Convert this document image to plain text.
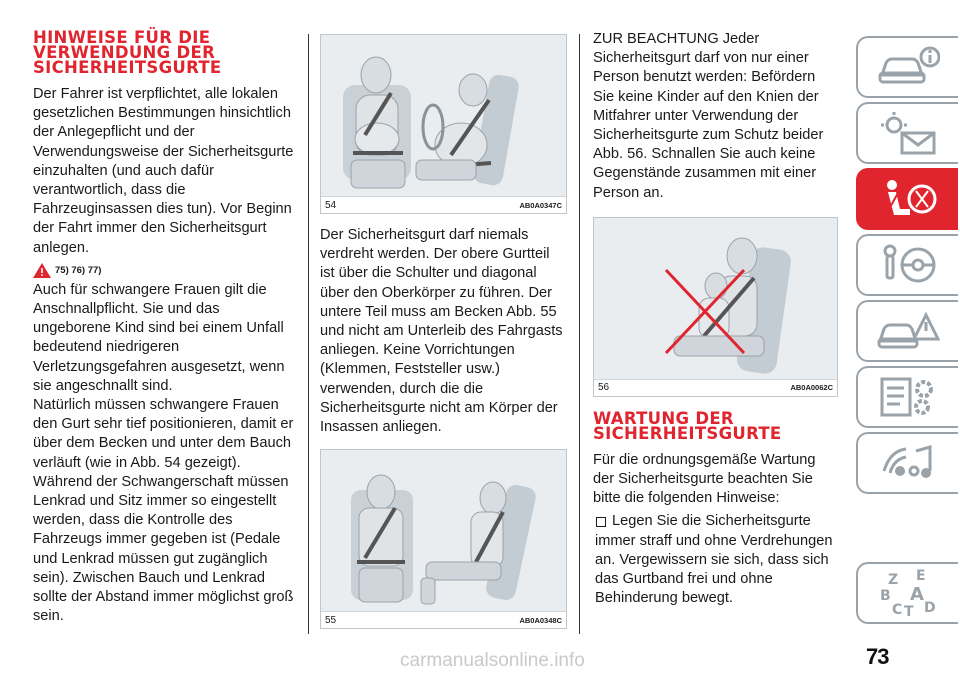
HINWEISE FÜR DIE
VERWENDUNG DER
SICHERHEITSGURTE

Der Fahrer ist verpflichtet, alle lokalen gesetzlichen Bestimmungen hinsichtlich der Anlegepflicht und der Verwendungsweise der Sicherheitsgurte einzuhalten (und auch dafür verantwortlich, dass die Fahrzeuginsassen dies tun). Vor Beginn der Fahrt immer den Sicherheitsgurt anlegen.

75) 76) 77)

Auch für schwangere Frauen gilt die Anschnallpflicht. Sie und das ungeborene Kind sind bei einem Unfall bedeutend niedrigeren Verletzungsgefahren ausgesetzt, wenn sie angeschnallt sind.

Natürlich müssen schwangere Frauen den Gurt sehr tief positionieren, damit er über dem Becken und unter dem Bauch verläuft (wie in Abb. 54 gezeigt). Während der Schwangerschaft müssen Lenkrad und Sitz immer so eingestellt werden, dass die Kontrolle des Fahrzeugs immer gegeben ist (Pedale und Lenkrad müssen gut zugänglich sein). Zwischen Bauch und Lenkrad sollte der Abstand immer möglichst groß sein.

54	AB0A0347C

Der Sicherheitsgurt darf niemals verdreht werden. Der obere Gurtteil ist über die Schulter und diagonal über den Oberkörper zu führen. Der untere Teil muss am Becken Abb. 55 und nicht am Unterleib des Fahrgasts anliegen. Keine Vorrichtungen (Klemmen, Feststeller usw.) verwenden, durch die die Sicherheitsgurte nicht am Körper der Insassen anliegen.

55	AB0A0348C

ZUR BEACHTUNG Jeder Sicherheitsgurt darf von nur einer Person benutzt werden: Befördern Sie keine Kinder auf den Knien der Mitfahrer unter Verwendung der Sicherheitsgurte zum Schutz beider Abb. 56. Schnallen Sie auch keine Gegenstände zusammen mit einer Person an.

56	AB0A0062C
WARTUNG DER
SICHERHEITSGURTE

Für die ordnungsgemäße Wartung der Sicherheitsgurte beachten Sie bitte die folgenden Hinweise:

Legen Sie die Sicherheitsgurte immer straff und ohne Verdrehungen an. Vergewissern sie sich, dass sich das Gurtband frei und ohne Behinderung bewegt.

Z E
B A
C T D
73
carmanualsonline.info
